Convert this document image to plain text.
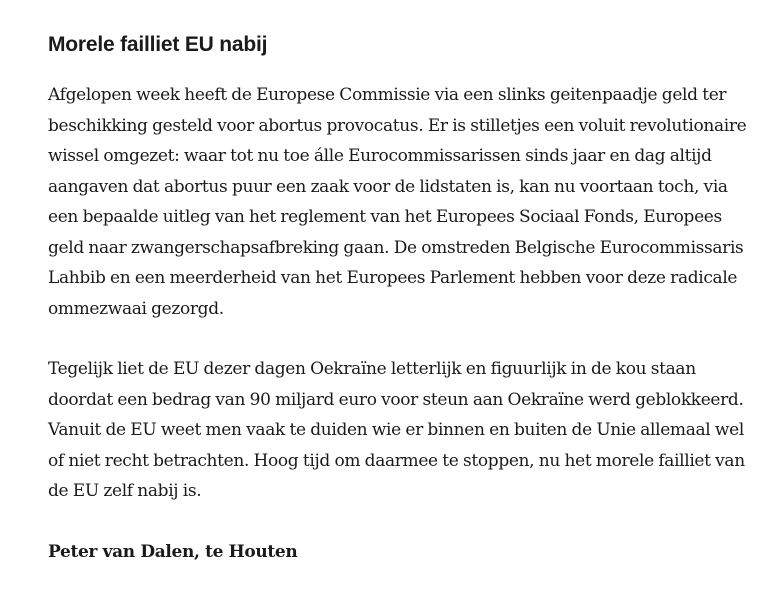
Morele failliet EU nabij

Afgelopen week heeft de Europese Commissie via een slinks geitenpaadje geld ter beschikking gesteld voor abortus provocatus. Er is stilletjes een voluit revolutionaire wissel omgezet: waar tot nu toe álle Eurocommissarissen sinds jaar en dag altijd aangaven dat abortus puur een zaak voor de lidstaten is, kan nu voortaan toch, via een bepaalde uitleg van het reglement van het Europees Sociaal Fonds, Europees geld naar zwangerschapsafbreking gaan. De omstreden Belgische Eurocommissaris Lahbib en een meerderheid van het Europees Parlement hebben voor deze radicale ommezwaai gezorgd.

Tegelijk liet de EU dezer dagen Oekraïne letterlijk en figuurlijk in de kou staan doordat een bedrag van 90 miljard euro voor steun aan Oekraïne werd geblokkeerd. Vanuit de EU weet men vaak te duiden wie er binnen en buiten de Unie allemaal wel of niet recht betrachten. Hoog tijd om daarmee te stoppen, nu het morele failliet van de EU zelf nabij is.

Peter van Dalen, te Houten
